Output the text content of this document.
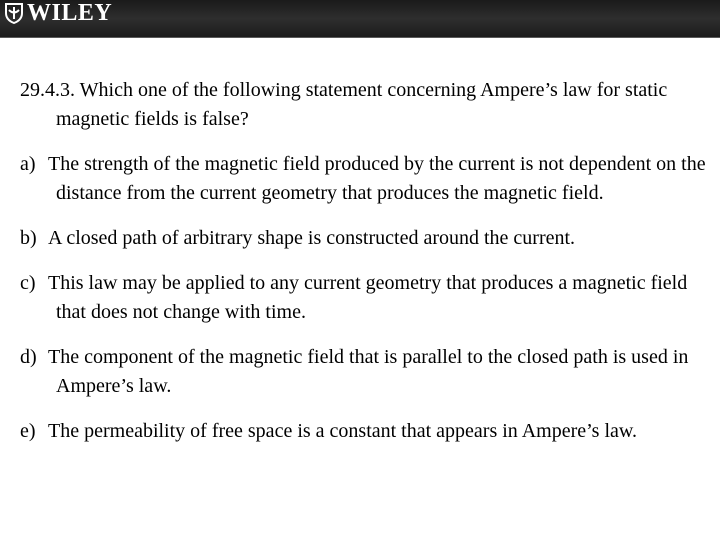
WILEY

29.4.3. Which one of the following statement concerning Ampere’s law for static magnetic fields is false?

a) The strength of the magnetic field produced by the current is not dependent on the distance from the current geometry that produces the magnetic field.
b) A closed path of arbitrary shape is constructed around the current.
c) This law may be applied to any current geometry that produces a magnetic field that does not change with time.
d) The component of the magnetic field that is parallel to the closed path is used in Ampere’s law.
e) The permeability of free space is a constant that appears in Ampere’s law.
